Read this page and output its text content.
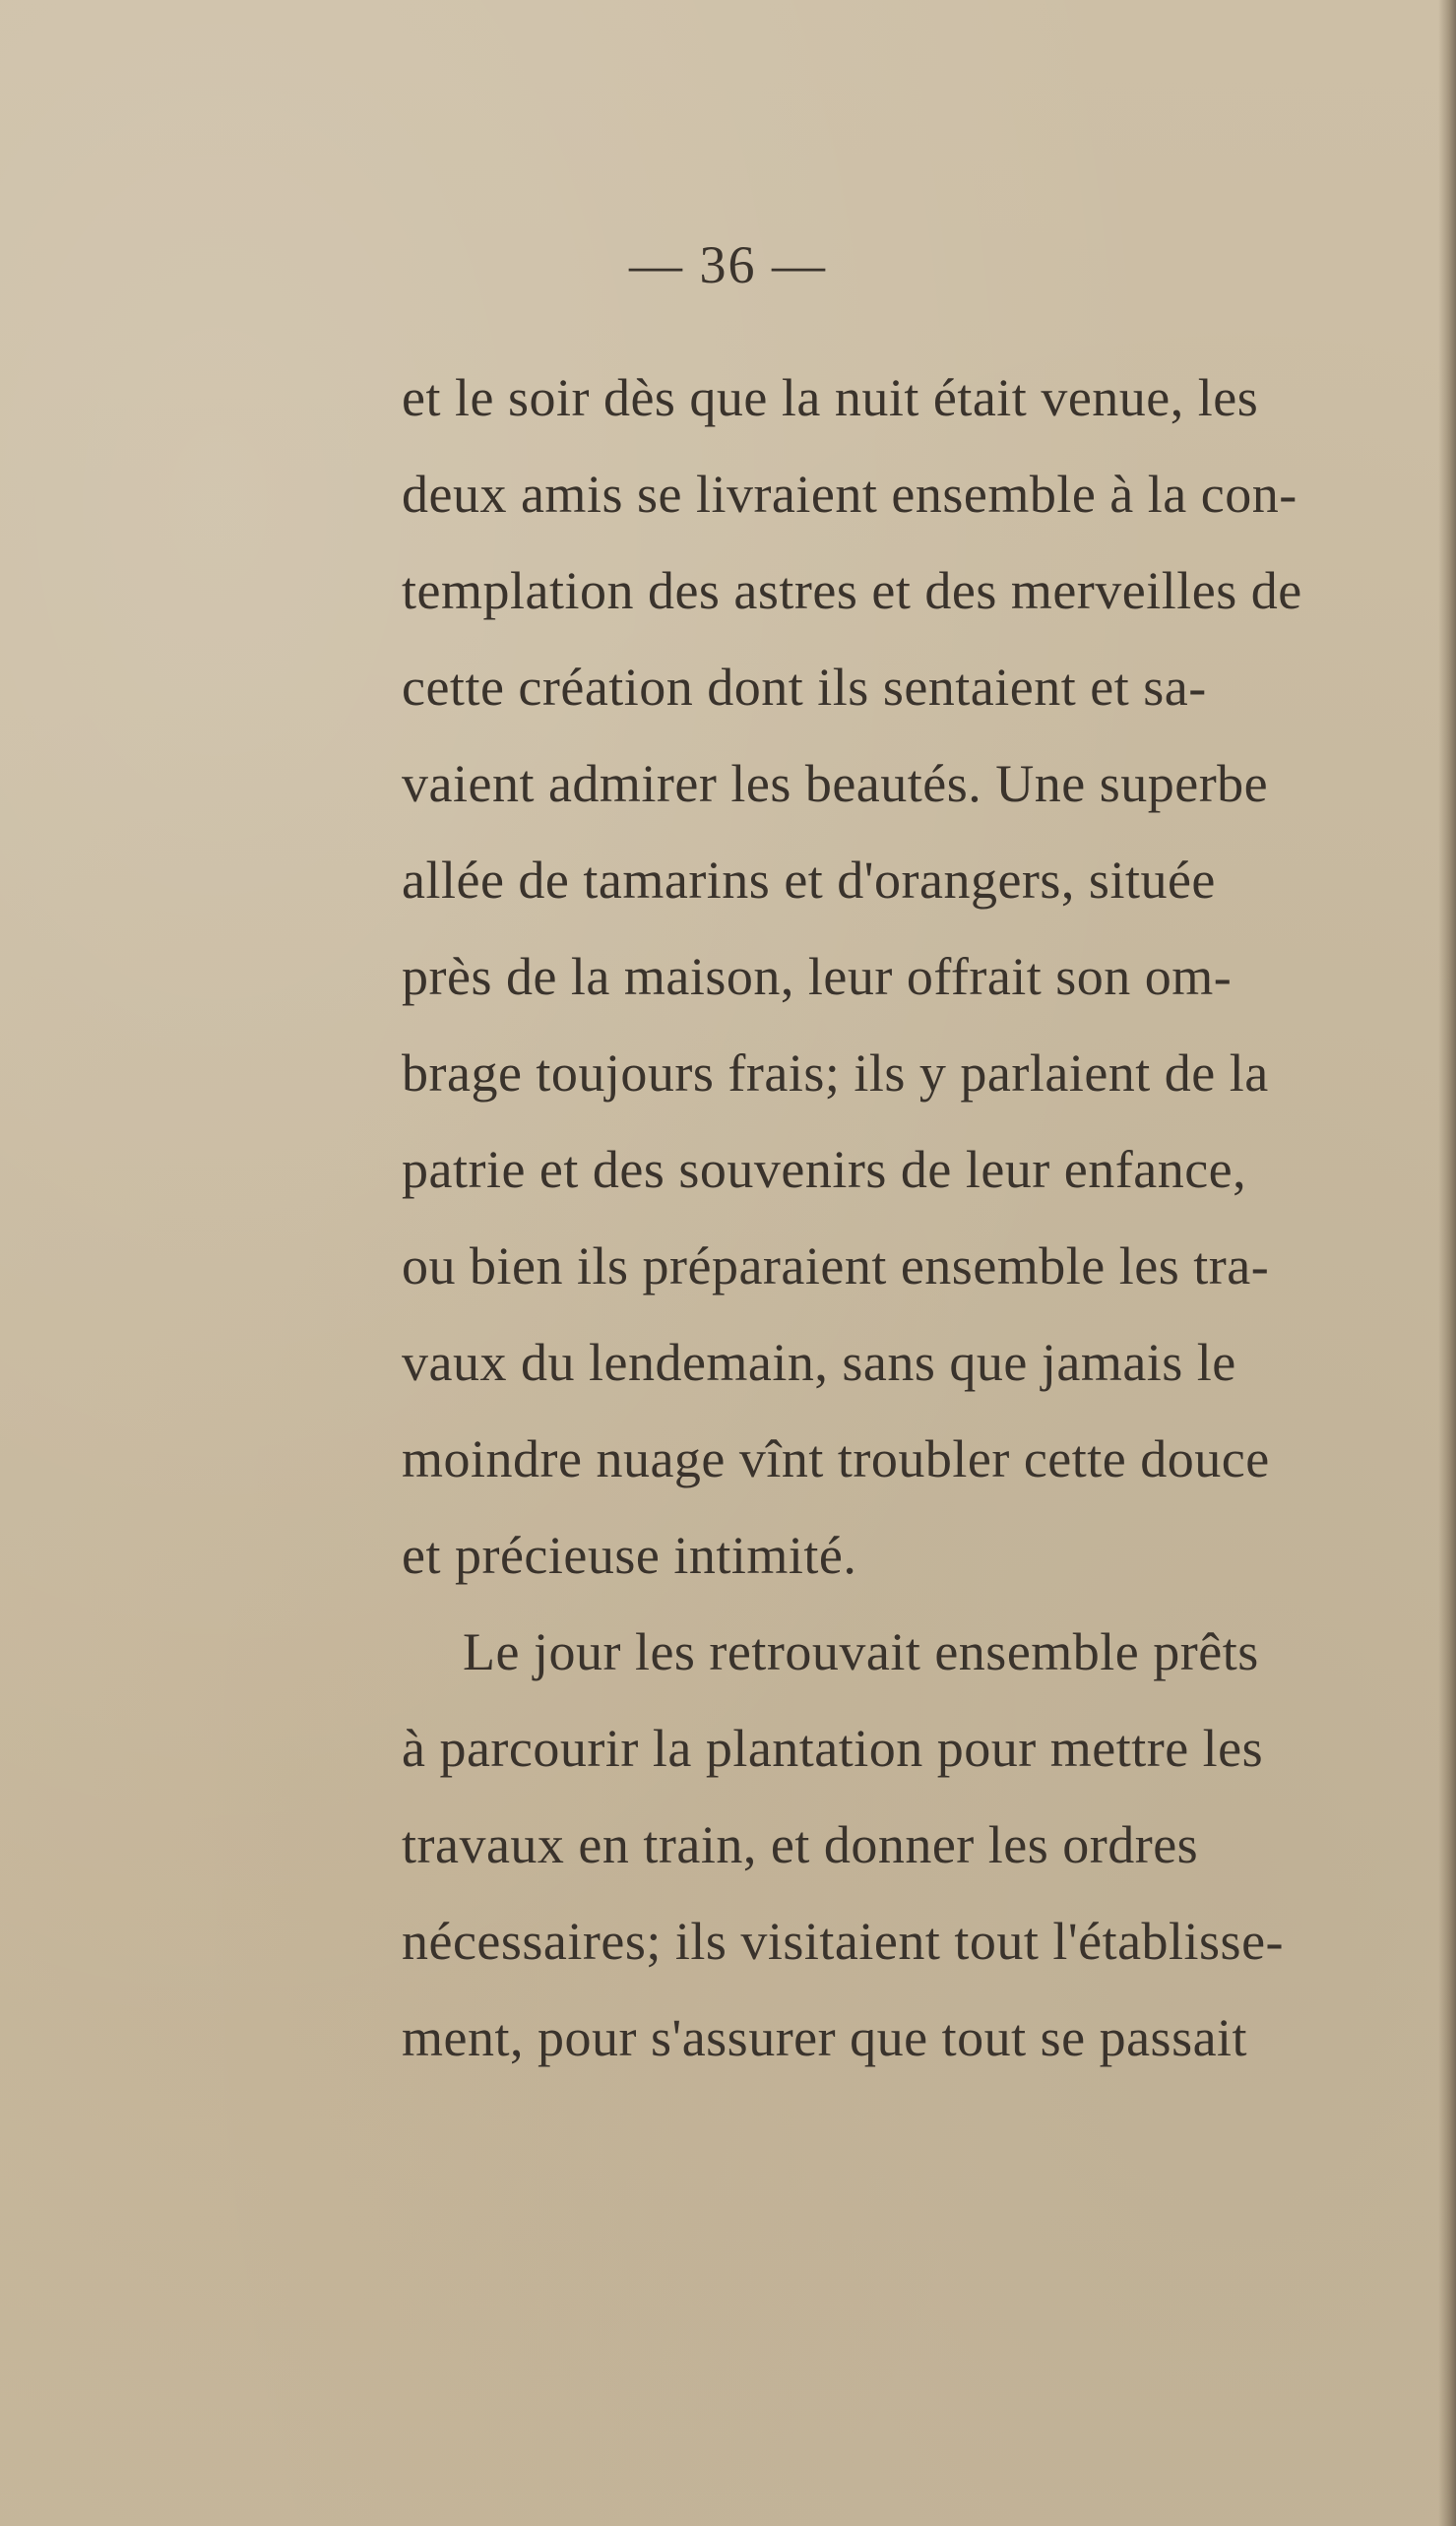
— 36 —
et le soir dès que la nuit était venue, les
deux amis se livraient ensemble à la con-
templation des astres et des merveilles de
cette création dont ils sentaient et sa-
vaient admirer les beautés. Une superbe
allée de tamarins et d'orangers, située
près de la maison, leur offrait son om-
brage toujours frais; ils y parlaient de la
patrie et des souvenirs de leur enfance,
ou bien ils préparaient ensemble les tra-
vaux du lendemain, sans que jamais le
moindre nuage vînt troubler cette douce
et précieuse intimité.
Le jour les retrouvait ensemble prêts
à parcourir la plantation pour mettre les
travaux en train, et donner les ordres
nécessaires; ils visitaient tout l'établisse-
ment, pour s'assurer que tout se passait
